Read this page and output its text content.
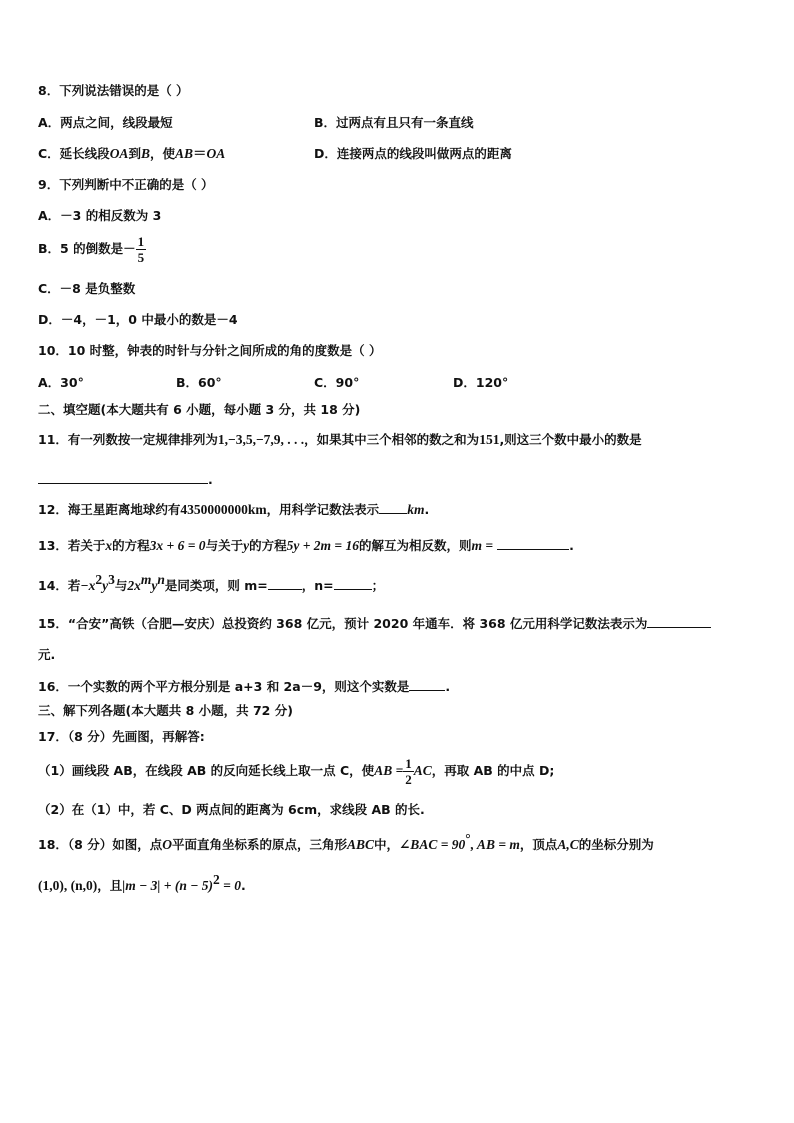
8．下列说法错误的是（ ）
A．两点之间，线段最短	B．过两点有且只有一条直线
C．延长线段OA到B，使AB＝OA	D．连接两点的线段叫做两点的距离
9．下列判断中不正确的是（ ）
A．－3 的相反数为 3
B．5 的倒数是－ $\frac{1}{5}$
C．－8 是负整数
D．－4，－1，0 中最小的数是－4
10．10 时整，钟表的时针与分针之间所成的角的度数是（ ）
A．30°	B．60°	C．90°	D．120°
二、填空题(本大题共有 6 小题，每小题 3 分，共 18 分)
11．有一列数按一定规律排列为1,−3,5,−7,9, . . .，如果其中三个相邻的数之和为151,则这三个数中最小的数是
.
12．海王星距离地球约有4350000000km，用科学记数法表示 km.
13．若关于x的方程3x + 6 = 0与关于y的方程5y + 2m = 16的解互为相反数，则m =	.
14．若$-x^2y^3$与$2x^my^n$是同类项，则 m=	，n=	；
15．“合安”高铁（合肥—安庆）总投资约 368 亿元，预计 2020 年通车．将 368 亿元用科学记数法表示为
元.
16．一个实数的两个平方根分别是 a+3 和 2a－9，则这个实数是	.
三、解下列各题(本大题共 8 小题，共 72 分)
17．（8 分）先画图，再解答:
（1）画线段 AB，在线段 AB 的反向延长线上取一点 C，使AB = $\frac{1}{2}$ AC，再取 AB 的中点 D;
（2）在（1）中，若 C、D 两点间的距离为 6cm，求线段 AB 的长.
18．（8 分）如图，点O平面直角坐标系的原点，三角形ABC中，∠BAC = 90°, AB = m，顶点A,C的坐标分别为
(1,0), (n,0)，且$|m - 3| + (n - 5)^2 = 0$.
